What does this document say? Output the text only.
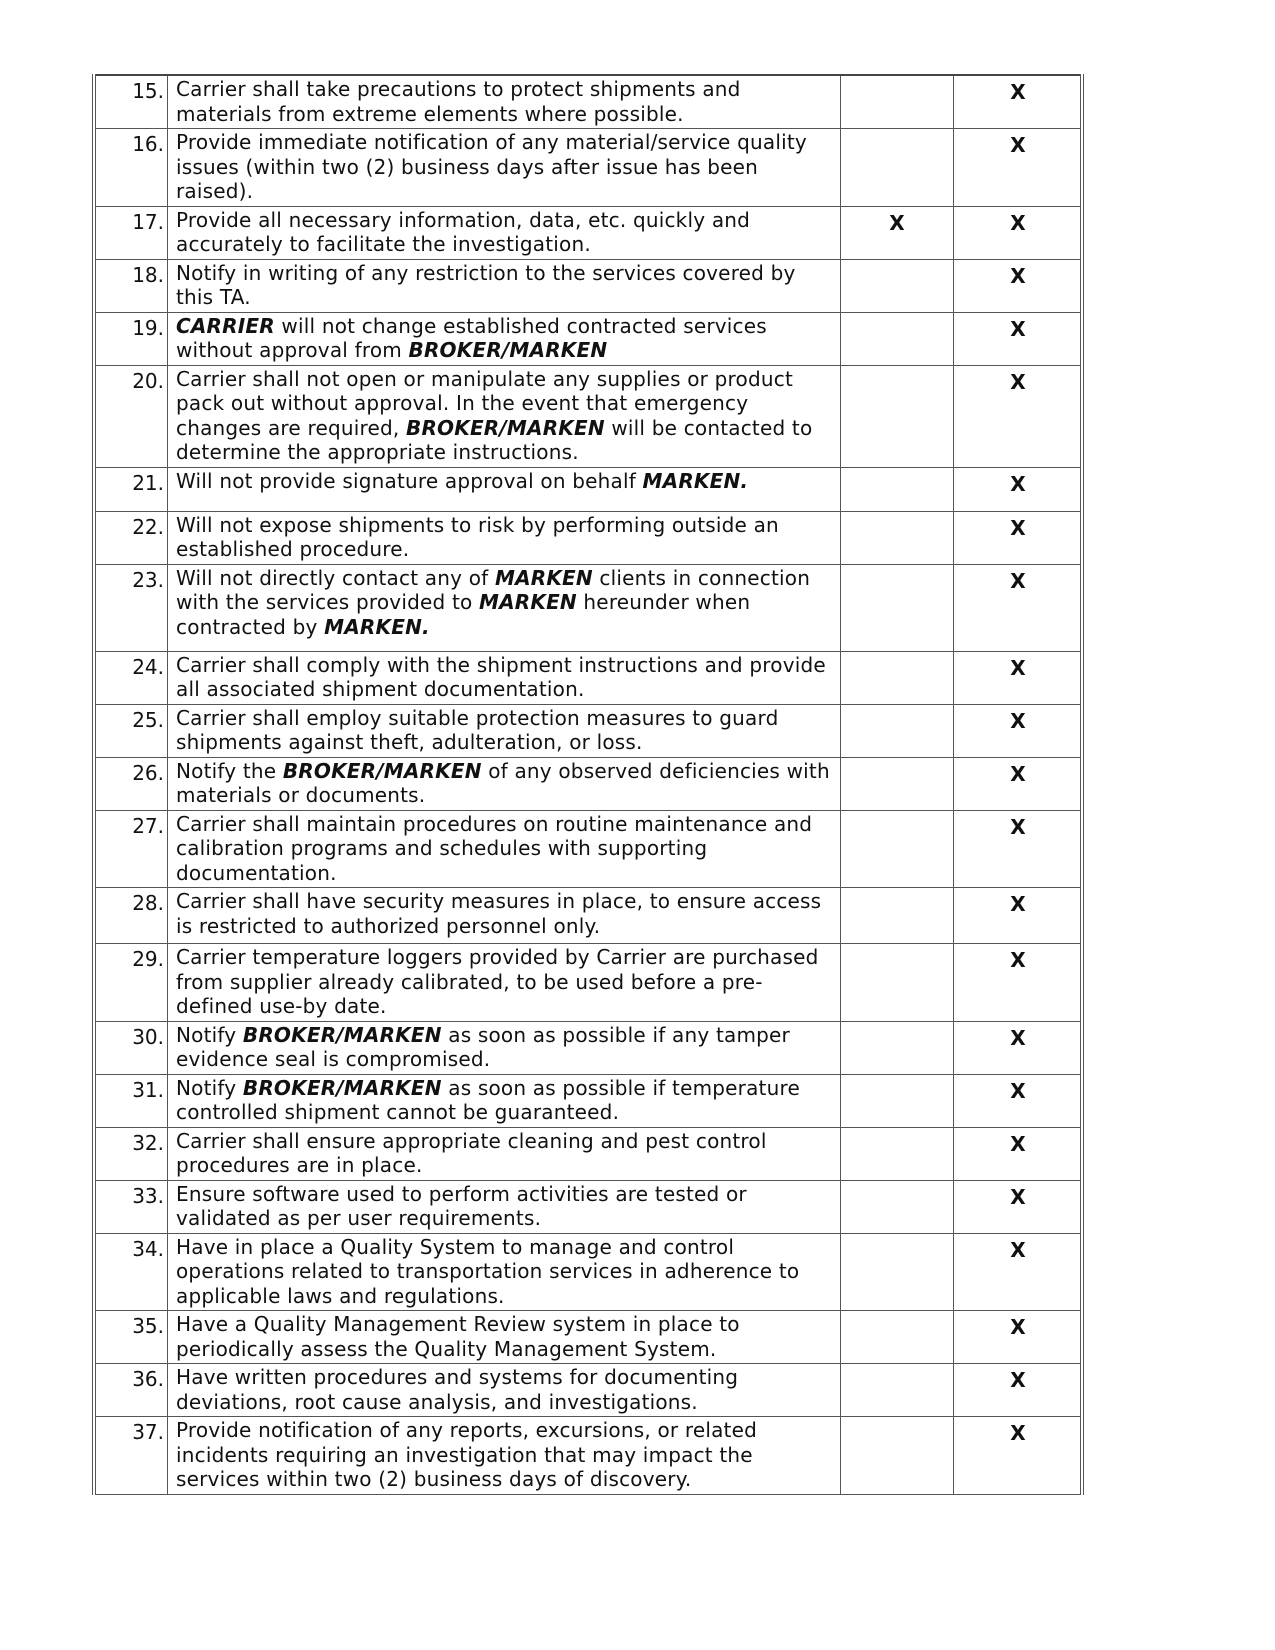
15.	Carrier shall take precautions to protect shipments and materials from extreme elements where possible.		X
16.	Provide immediate notification of any material/service quality issues (within two (2) business days after issue has been raised).		X
17.	Provide all necessary information, data, etc. quickly and accurately to facilitate the investigation.	X	X
18.	Notify in writing of any restriction to the services covered by this TA.		X
19.	CARRIER will not change established contracted services without approval from BROKER/MARKEN		X
20.	Carrier shall not open or manipulate any supplies or product pack out without approval. In the event that emergency changes are required, BROKER/MARKEN will be contacted to determine the appropriate instructions.		X
21.	Will not provide signature approval on behalf MARKEN.		X
22.	Will not expose shipments to risk by performing outside an established procedure.		X
23.	Will not directly contact any of MARKEN clients in connection with the services provided to MARKEN hereunder when contracted by MARKEN.		X
24.	Carrier shall comply with the shipment instructions and provide all associated shipment documentation.		X
25.	Carrier shall employ suitable protection measures to guard shipments against theft, adulteration, or loss.		X
26.	Notify the BROKER/MARKEN of any observed deficiencies with materials or documents.		X
27.	Carrier shall maintain procedures on routine maintenance and calibration programs and schedules with supporting documentation.		X
28.	Carrier shall have security measures in place, to ensure access is restricted to authorized personnel only.		X
29.	Carrier temperature loggers provided by Carrier are purchased from supplier already calibrated, to be used before a pre-defined use-by date.		X
30.	Notify BROKER/MARKEN as soon as possible if any tamper evidence seal is compromised.		X
31.	Notify BROKER/MARKEN as soon as possible if temperature controlled shipment cannot be guaranteed.		X
32.	Carrier shall ensure appropriate cleaning and pest control procedures are in place.		X
33.	Ensure software used to perform activities are tested or validated as per user requirements.		X
34.	Have in place a Quality System to manage and control operations related to transportation services in adherence to applicable laws and regulations.		X
35.	Have a Quality Management Review system in place to periodically assess the Quality Management System.		X
36.	Have written procedures and systems for documenting deviations, root cause analysis, and investigations.		X
37.	Provide notification of any reports, excursions, or related incidents requiring an investigation that may impact the services within two (2) business days of discovery.		X
